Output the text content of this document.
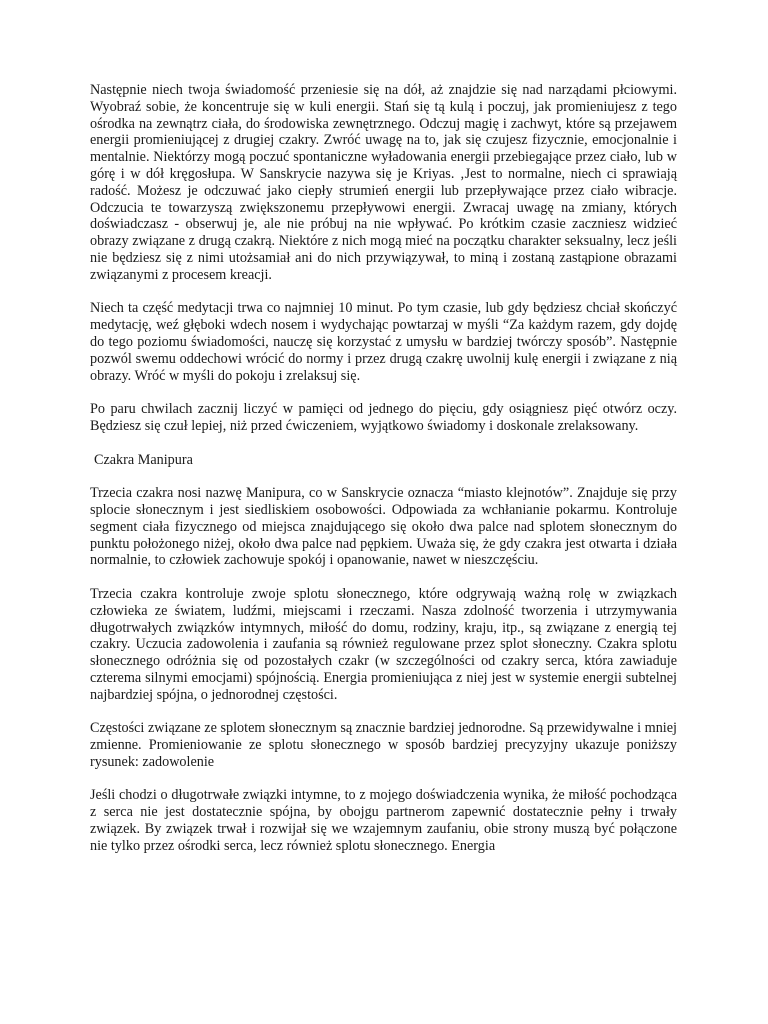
Następnie niech twoja świadomość przeniesie się na dół, aż znajdzie się nad narządami płciowymi. Wyobraź sobie, że koncentruje się w kuli energii. Stań się tą kulą i poczuj, jak promieniujesz z tego ośrodka na zewnątrz ciała, do środowiska zewnętrznego. Odczuj magię i zachwyt, które są przejawem energii promieniującej z drugiej czakry. Zwróć uwagę na to, jak się czujesz fizycznie, emocjonalnie i mentalnie. Niektórzy mogą poczuć spontaniczne wyładowania energii przebiegające przez ciało, lub w górę i w dół kręgosłupa. W Sanskrycie nazywa się je Kriyas. ‚Jest to normalne, niech ci sprawiają radość. Możesz je odczuwać jako ciepły strumień energii lub przepływające przez ciało wibracje. Odczucia te towarzyszą zwiększonemu przepływowi energii. Zwracaj uwagę na zmiany, których doświadczasz - obserwuj je, ale nie próbuj na nie wpływać. Po krótkim czasie zaczniesz widzieć obrazy związane z drugą czakrą. Niektóre z nich mogą mieć na początku charakter seksualny, lecz jeśli nie będziesz się z nimi utożsamiał ani do nich przywiązywał, to miną i zostaną zastąpione obrazami związanymi z procesem kreacji.

Niech ta część medytacji trwa co najmniej 10 minut. Po tym czasie, lub gdy będziesz chciał skończyć medytację, weź głęboki wdech nosem i wydychając powtarzaj w myśli “Za każdym razem, gdy dojdę do tego poziomu świadomości, nauczę się korzystać z umysłu w bardziej twórczy sposób”. Następnie pozwól swemu oddechowi wrócić do normy i przez drugą czakrę uwolnij kulę energii i związane z nią obrazy. Wróć w myśli do pokoju i zrelaksuj się.

Po paru chwilach zacznij liczyć w pamięci od jednego do pięciu, gdy osiągniesz pięć otwórz oczy. Będziesz się czuł lepiej, niż przed ćwiczeniem, wyjątkowo świadomy i doskonale zrelaksowany.

Czakra Manipura

Trzecia czakra nosi nazwę Manipura, co w Sanskrycie oznacza “miasto klejnotów”. Znajduje się przy splocie słonecznym i jest siedliskiem osobowości. Odpowiada za wchłanianie pokarmu. Kontroluje segment ciała fizycznego od miejsca znajdującego się około dwa palce nad splotem słonecznym do punktu położonego niżej, około dwa palce nad pępkiem. Uważa się, że gdy czakra jest otwarta i działa normalnie, to człowiek zachowuje spokój i opanowanie, nawet w nieszczęściu.

Trzecia czakra kontroluje zwoje splotu słonecznego, które odgrywają ważną rolę w związkach człowieka ze światem, ludźmi, miejscami i rzeczami. Nasza zdolność tworzenia i utrzymywania długotrwałych związków intymnych, miłość do domu, rodziny, kraju, itp., są związane z energią tej czakry. Uczucia zadowolenia i zaufania są również regulowane przez splot słoneczny. Czakra splotu słonecznego odróżnia się od pozostałych czakr (w szczególności od czakry serca, która zawiaduje czterema silnymi emocjami) spójnością. Energia promieniująca z niej jest w systemie energii subtelnej najbardziej spójna, o jednorodnej częstości.

Częstości związane ze splotem słonecznym są znacznie bardziej jednorodne. Są przewidywalne i mniej zmienne. Promieniowanie ze splotu słonecznego w sposób bardziej precyzyjny ukazuje poniższy rysunek: zadowolenie

Jeśli chodzi o długotrwałe związki intymne, to z mojego doświadczenia wynika, że miłość pochodząca z serca nie jest dostatecznie spójna, by obojgu partnerom zapewnić dostatecznie pełny i trwały związek. By związek trwał i rozwijał się we wzajemnym zaufaniu, obie strony muszą być połączone nie tylko przez ośrodki serca, lecz również splotu słonecznego. Energia
